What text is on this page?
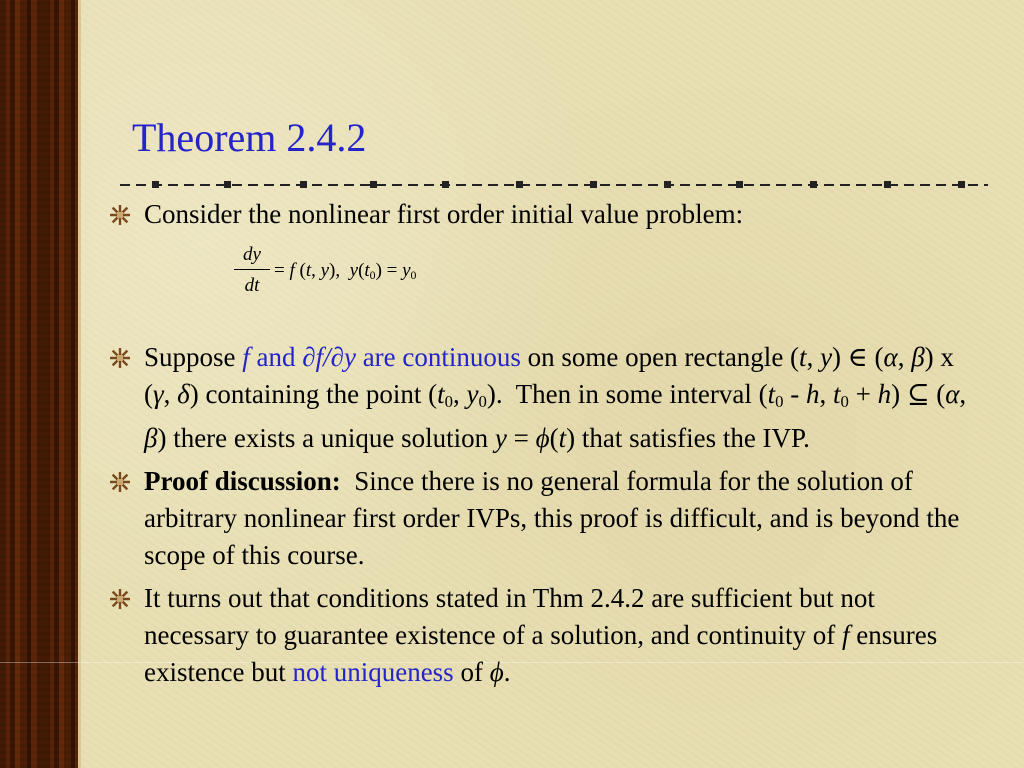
Theorem 2.4.2
Consider the nonlinear first order initial value problem:
$\frac{dy}{dt} = f$ (t, y),  $y(t_0) = y_0$
Suppose f and ∂f/∂y are continuous on some open rectangle (t, y) ∈ (α, β) x (γ, δ) containing the point ($t_0$, $y_0$).  Then in some interval ($t_0$ - h, $t_0 + h$) ⊆ (α, β) there exists a unique solution y = ϕ(t) that satisfies the IVP.
Proof discussion:  Since there is no general formula for the solution of arbitrary nonlinear first order IVPs, this proof is difficult, and is beyond the scope of this course.
It turns out that conditions stated in Thm 2.4.2 are sufficient but not necessary to guarantee existence of a solution, and continuity of f ensures existence but not uniqueness of ϕ.
